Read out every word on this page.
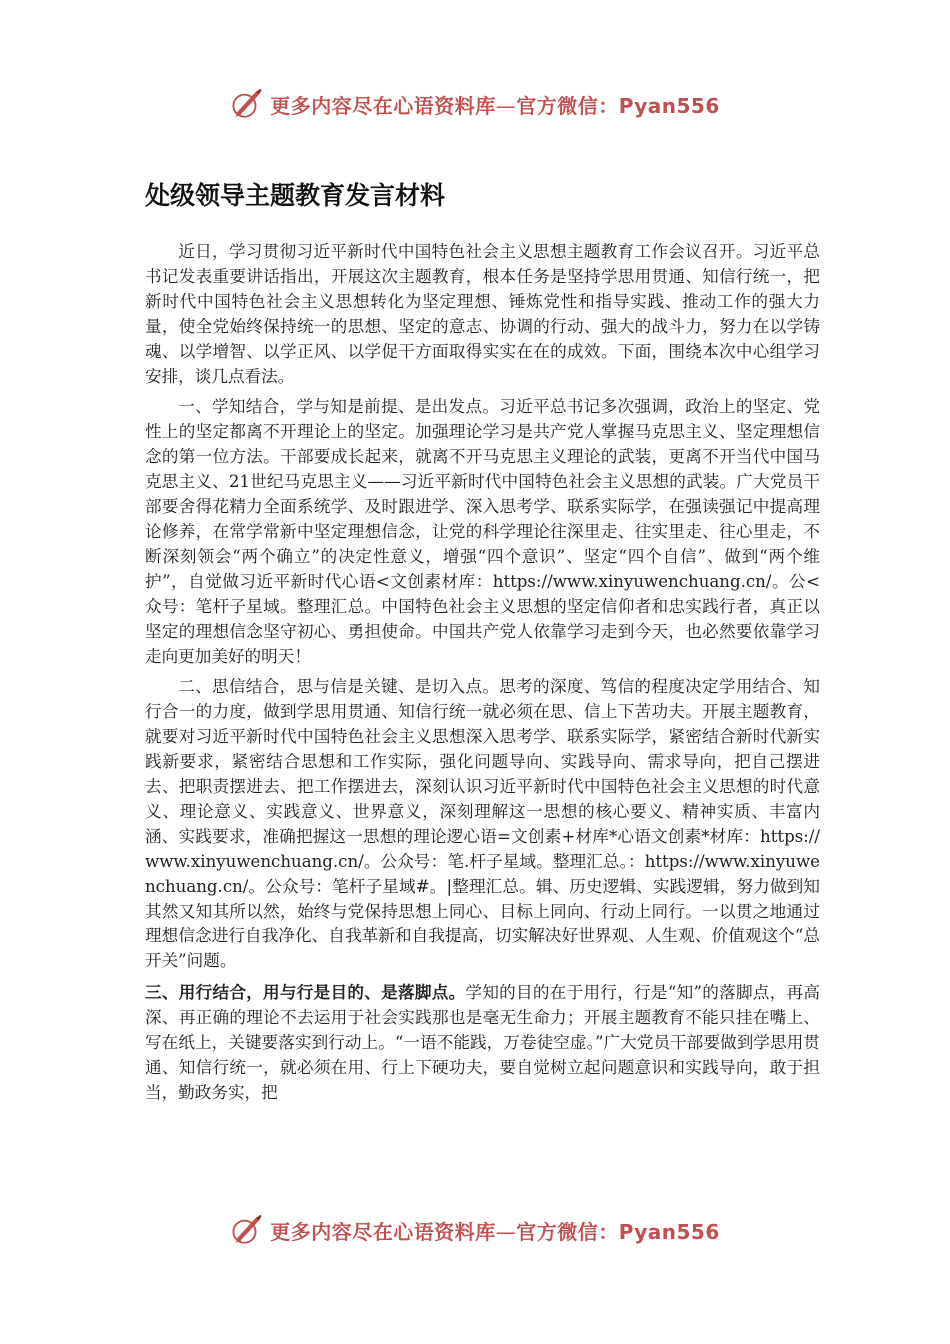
更多内容尽在心语资料库—官方微信：Pyan556
处级领导主题教育发言材料

近日，学习贯彻习近平新时代中国特色社会主义思想主题教育工作会议召开。习近平总书记发表重要讲话指出，开展这次主题教育，根本任务是坚持学思用贯通、知信行统一，把新时代中国特色社会主义思想转化为坚定理想、锤炼党性和指导实践、推动工作的强大力量，使全党始终保持统一的思想、坚定的意志、协调的行动、强大的战斗力，努力在以学铸魂、以学增智、以学正风、以学促干方面取得实实在在的成效。下面，围绕本次中心组学习安排，谈几点看法。

一、学知结合，学与知是前提、是出发点。习近平总书记多次强调，政治上的坚定、党性上的坚定都离不开理论上的坚定。加强理论学习是共产党人掌握马克思主义、坚定理想信念的第一位方法。干部要成长起来，就离不开马克思主义理论的武装，更离不开当代中国马克思主义、21世纪马克思主义——习近平新时代中国特色社会主义思想的武装。广大党员干部要舍得花精力全面系统学、及时跟进学、深入思考学、联系实际学，在强读强记中提高理论修养，在常学常新中坚定理想信念，让党的科学理论往深里走、往实里走、往心里走，不断深刻领会“两个确立”的决定性意义，增强“四个意识”、坚定“四个自信”、做到“两个维护”，自觉做习近平新时代心语<文创素材库：https://www.xinyuwenchuang.cn/。公<众号：笔杆子星域。整理汇总。中国特色社会主义思想的坚定信仰者和忠实践行者，真正以坚定的理想信念坚守初心、勇担使命。中国共产党人依靠学习走到今天，也必然要依靠学习走向更加美好的明天！

二、思信结合，思与信是关键、是切入点。思考的深度、笃信的程度决定学用结合、知行合一的力度，做到学思用贯通、知信行统一就必须在思、信上下苦功夫。开展主题教育，就要对习近平新时代中国特色社会主义思想深入思考学、联系实际学，紧密结合新时代新实践新要求，紧密结合思想和工作实际，强化问题导向、实践导向、需求导向，把自己摆进去、把职责摆进去、把工作摆进去，深刻认识习近平新时代中国特色社会主义思想的时代意义、理论意义、实践意义、世界意义，深刻理解这一思想的核心要义、精神实质、丰富内涵、实践要求，准确把握这一思想的理论逻心语=文创素+材库*心语文创素*材库：https://www.xinyuwenchuang.cn/。公众号：笔.杆子星域。整理汇总。：https://www.xinyuwenchuang.cn/。公众号：笔杆子星域#。|整理汇总。辑、历史逻辑、实践逻辑，努力做到知其然又知其所以然，始终与党保持思想上同心、目标上同向、行动上同行。一以贯之地通过理想信念进行自我净化、自我革新和自我提高，切实解决好世界观、人生观、价值观这个“总开关”问题。

三、用行结合，用与行是目的、是落脚点。学知的目的在于用行，行是“知”的落脚点，再高深、再正确的理论不去运用于社会实践那也是毫无生命力；开展主题教育不能只挂在嘴上、写在纸上，关键要落实到行动上。“一语不能践，万卷徒空虚。”广大党员干部要做到学思用贯通、知信行统一，就必须在用、行上下硬功夫，要自觉树立起问题意识和实践导向，敢于担当，勤政务实，把

更多内容尽在心语资料库—官方微信：Pyan556
